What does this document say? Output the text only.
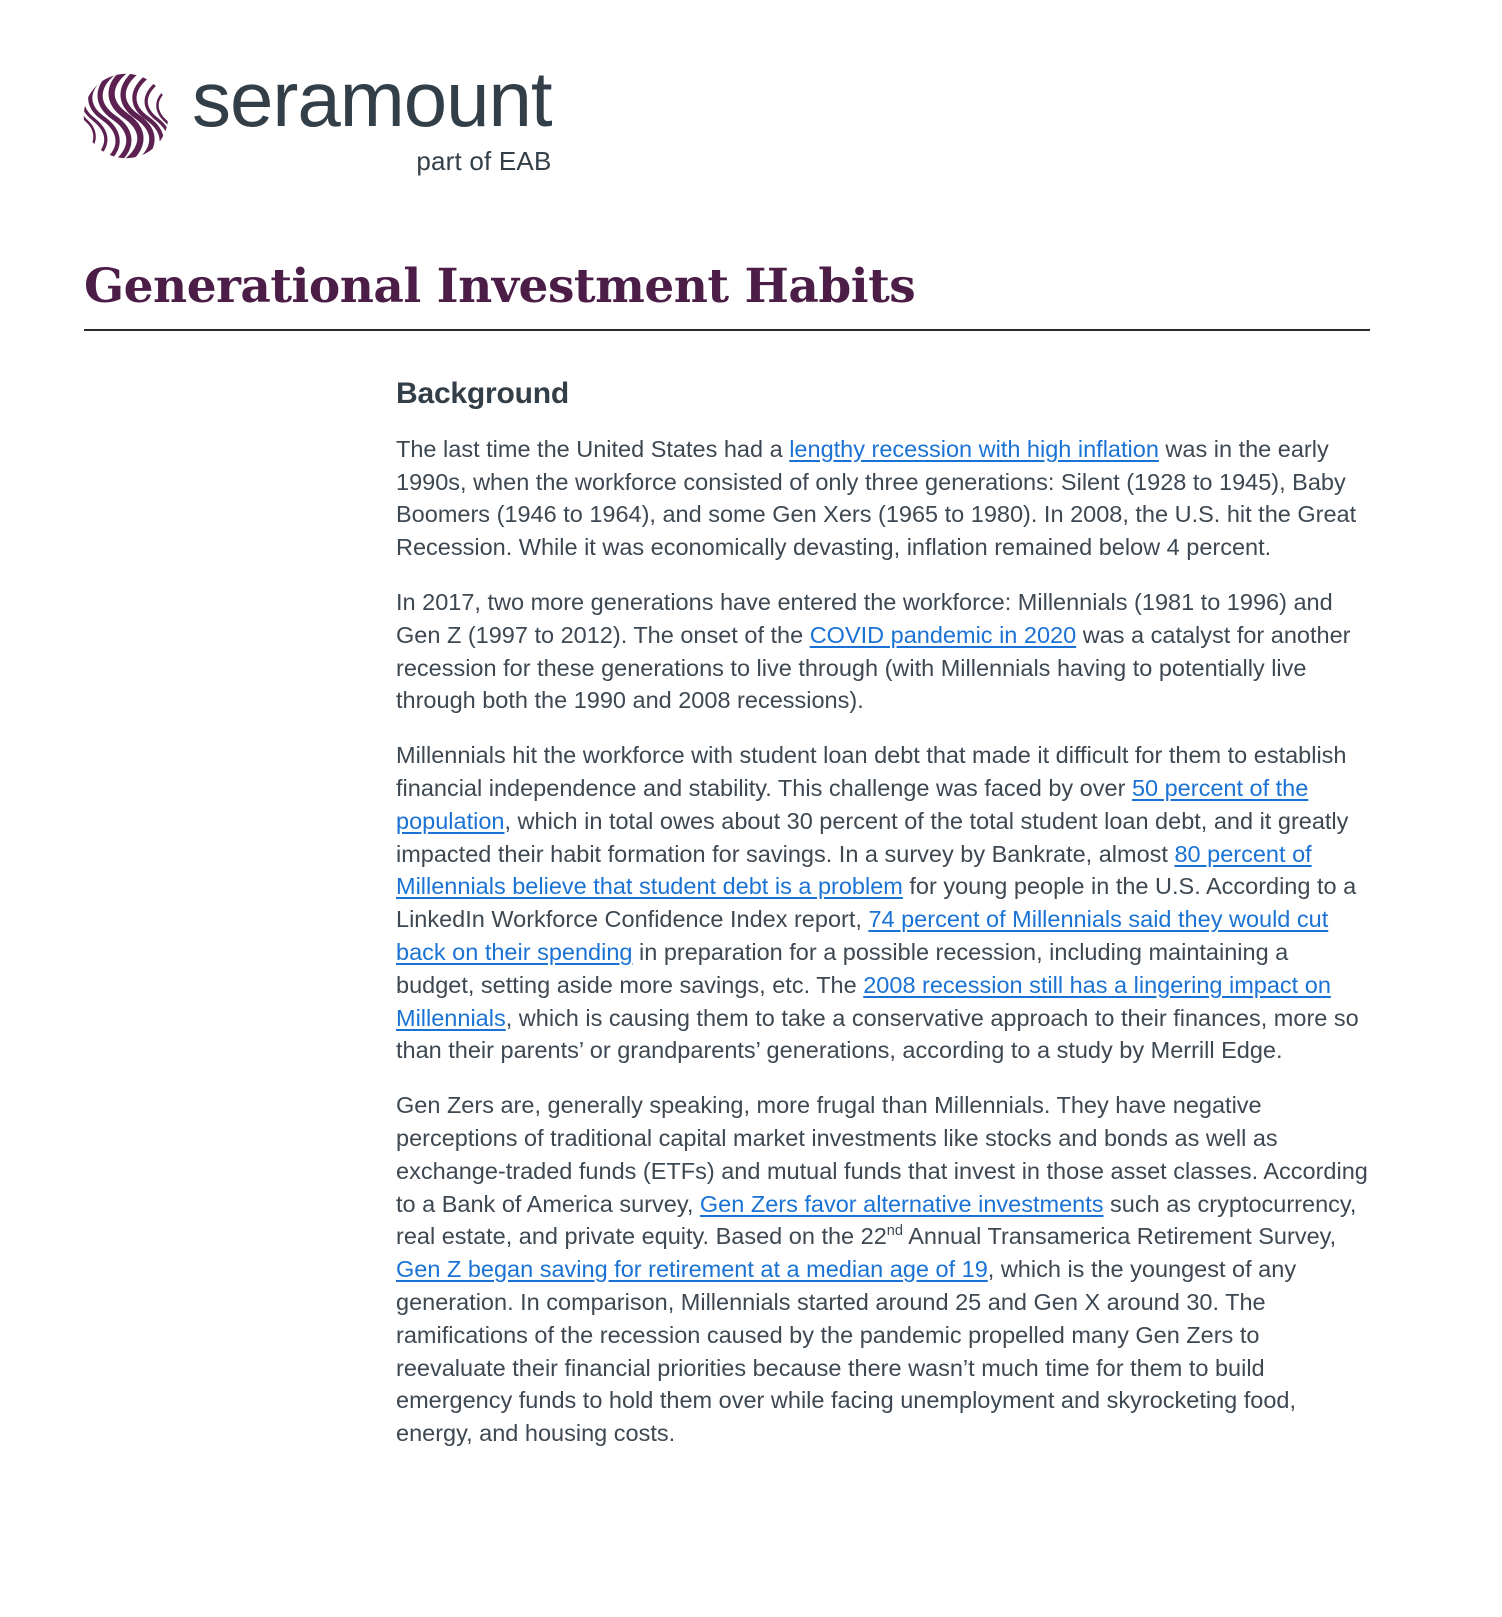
seramount
part of EAB
Generational Investment Habits
Background

The last time the United States had a lengthy recession with high inflation was in the early 1990s, when the workforce consisted of only three generations: Silent (1928 to 1945), Baby Boomers (1946 to 1964), and some Gen Xers (1965 to 1980). In 2008, the U.S. hit the Great Recession. While it was economically devasting, inflation remained below 4 percent.

In 2017, two more generations have entered the workforce: Millennials (1981 to 1996) and Gen Z (1997 to 2012). The onset of the COVID pandemic in 2020 was a catalyst for another recession for these generations to live through (with Millennials having to potentially live through both the 1990 and 2008 recessions).

Millennials hit the workforce with student loan debt that made it difficult for them to establish financial independence and stability. This challenge was faced by over 50 percent of the population, which in total owes about 30 percent of the total student loan debt, and it greatly impacted their habit formation for savings. In a survey by Bankrate, almost 80 percent of Millennials believe that student debt is a problem for young people in the U.S. According to a LinkedIn Workforce Confidence Index report, 74 percent of Millennials said they would cut back on their spending in preparation for a possible recession, including maintaining a budget, setting aside more savings, etc. The 2008 recession still has a lingering impact on Millennials, which is causing them to take a conservative approach to their finances, more so than their parents’ or grandparents’ generations, according to a study by Merrill Edge.

Gen Zers are, generally speaking, more frugal than Millennials. They have negative perceptions of traditional capital market investments like stocks and bonds as well as exchange-traded funds (ETFs) and mutual funds that invest in those asset classes. According to a Bank of America survey, Gen Zers favor alternative investments such as cryptocurrency, real estate, and private equity. Based on the 22nd Annual Transamerica Retirement Survey, Gen Z began saving for retirement at a median age of 19, which is the youngest of any generation. In comparison, Millennials started around 25 and Gen X around 30. The ramifications of the recession caused by the pandemic propelled many Gen Zers to reevaluate their financial priorities because there wasn’t much time for them to build emergency funds to hold them over while facing unemployment and skyrocketing food, energy, and housing costs.
